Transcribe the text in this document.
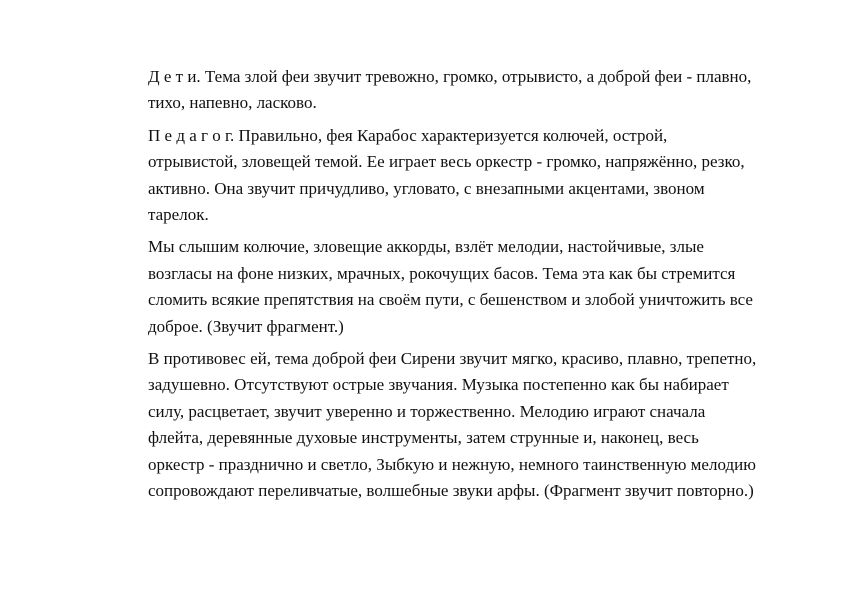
Д е т и. Тема злой феи звучит тревожно, громко, отрывисто, а доброй феи - плавно, тихо, напевно, ласково.

П е д а г о г. Правильно, фея Карабос характеризуется колючей, острой, отрывистой, зловещей темой. Ее играет весь оркестр - громко, напряжённо, резко, активно. Она звучит причудливо, угловато, с внезапными акцентами, звоном тарелок.

Мы слышим колючие, зловещие аккорды, взлёт мелодии, настойчивые, злые возгласы на фоне низких, мрачных, рокочущих басов. Тема эта как бы стремится сломить всякие препятствия на своём пути, с бешенством и злобой уничтожить все доброе. (Звучит фрагмент.)

В противовес ей, тема доброй феи Сирени звучит мягко, красиво, плавно, трепетно, задушевно. Отсутствуют острые звучания. Музыка постепенно как бы набирает силу, расцветает, звучит уверенно и торжественно. Мелодию играют сначала флейта, деревянные духовые инструменты, затем струнные и, наконец, весь оркестр - празднично и светло, Зыбкую и нежную, немного таинственную мелодию сопровождают переливчатые, волшебные звуки арфы. (Фрагмент звучит повторно.)
